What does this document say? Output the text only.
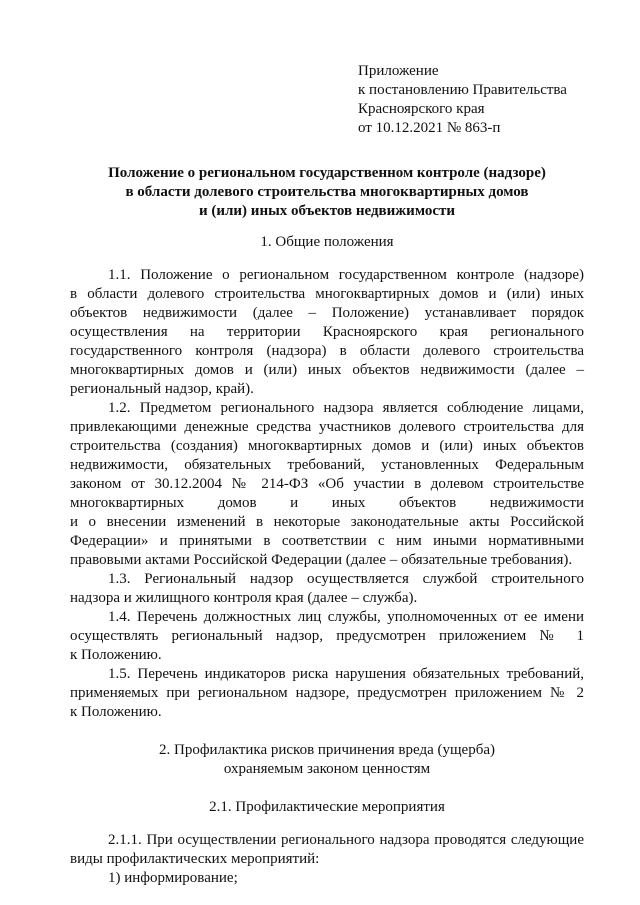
Приложение
к постановлению Правительства
Красноярского края
от 10.12.2021 № 863-п
Положение о региональном государственном контроле (надзоре)
в области долевого строительства многоквартирных домов
и (или) иных объектов недвижимости
1. Общие положения
1.1. Положение о региональном государственном контроле (надзоре)
в области долевого строительства многоквартирных домов и (или) иных
объектов недвижимости (далее – Положение) устанавливает порядок
осуществления на территории Красноярского края регионального
государственного контроля (надзора) в области долевого строительства
многоквартирных домов и (или) иных объектов недвижимости (далее –
региональный надзор, край).
1.2. Предметом регионального надзора является соблюдение лицами,
привлекающими денежные средства участников долевого строительства для
строительства (создания) многоквартирных домов и (или) иных объектов
недвижимости, обязательных требований, установленных Федеральным
законом от 30.12.2004 № 214-ФЗ «Об участии в долевом строительстве
многоквартирных домов и иных объектов недвижимости
и о внесении изменений в некоторые законодательные акты Российской
Федерации» и принятыми в соответствии с ним иными нормативными
правовыми актами Российской Федерации (далее – обязательные требования).
1.3. Региональный надзор осуществляется службой строительного
надзора и жилищного контроля края (далее – служба).
1.4. Перечень должностных лиц службы, уполномоченных от ее имени
осуществлять региональный надзор, предусмотрен приложением № 1
к Положению.
1.5. Перечень индикаторов риска нарушения обязательных требований,
применяемых при региональном надзоре, предусмотрен приложением № 2
к Положению.
2. Профилактика рисков причинения вреда (ущерба)
охраняемым законом ценностям
2.1. Профилактические мероприятия
2.1.1. При осуществлении регионального надзора проводятся следующие
виды профилактических мероприятий:
1) информирование;
